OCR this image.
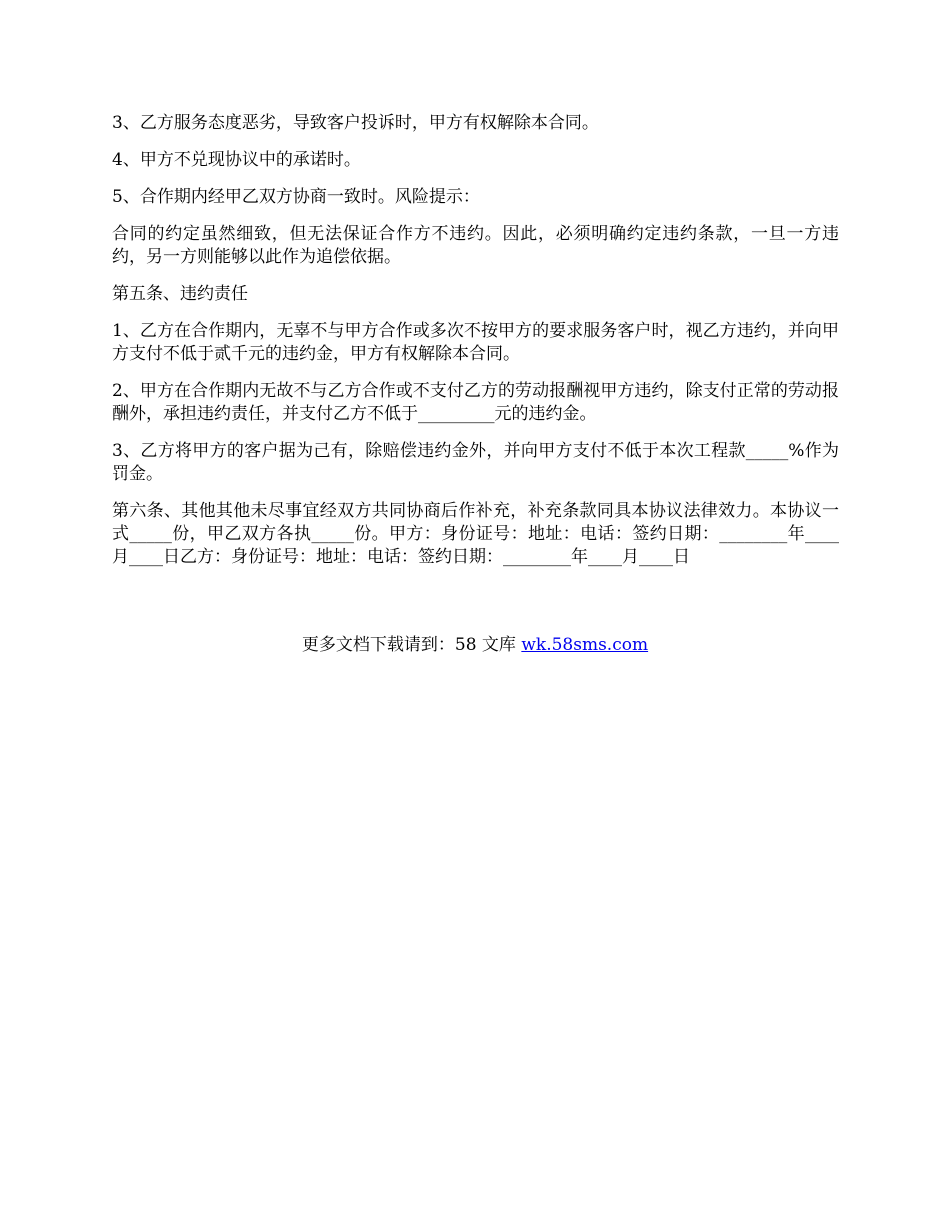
3、乙方服务态度恶劣，导致客户投诉时，甲方有权解除本合同。

4、甲方不兑现协议中的承诺时。

5、合作期内经甲乙双方协商一致时。风险提示：

合同的约定虽然细致，但无法保证合作方不违约。因此，必须明确约定违约条款，一旦一方违约，另一方则能够以此作为追偿依据。

第五条、违约责任

1、乙方在合作期内，无辜不与甲方合作或多次不按甲方的要求服务客户时，视乙方违约，并向甲方支付不低于贰千元的违约金，甲方有权解除本合同。

2、甲方在合作期内无故不与乙方合作或不支付乙方的劳动报酬视甲方违约，除支付正常的劳动报酬外，承担违约责任，并支付乙方不低于_________元的违约金。

3、乙方将甲方的客户据为己有，除赔偿违约金外，并向甲方支付不低于本次工程款_____%作为罚金。

第六条、其他其他未尽事宜经双方共同协商后作补充，补充条款同具本协议法律效力。本协议一式_____份，甲乙双方各执_____份。甲方：身份证号：地址：电话：签约日期：________年____月____日乙方：身份证号：地址：电话：签约日期：________年____月____日

更多文档下载请到：58 文库 wk.58sms.com
